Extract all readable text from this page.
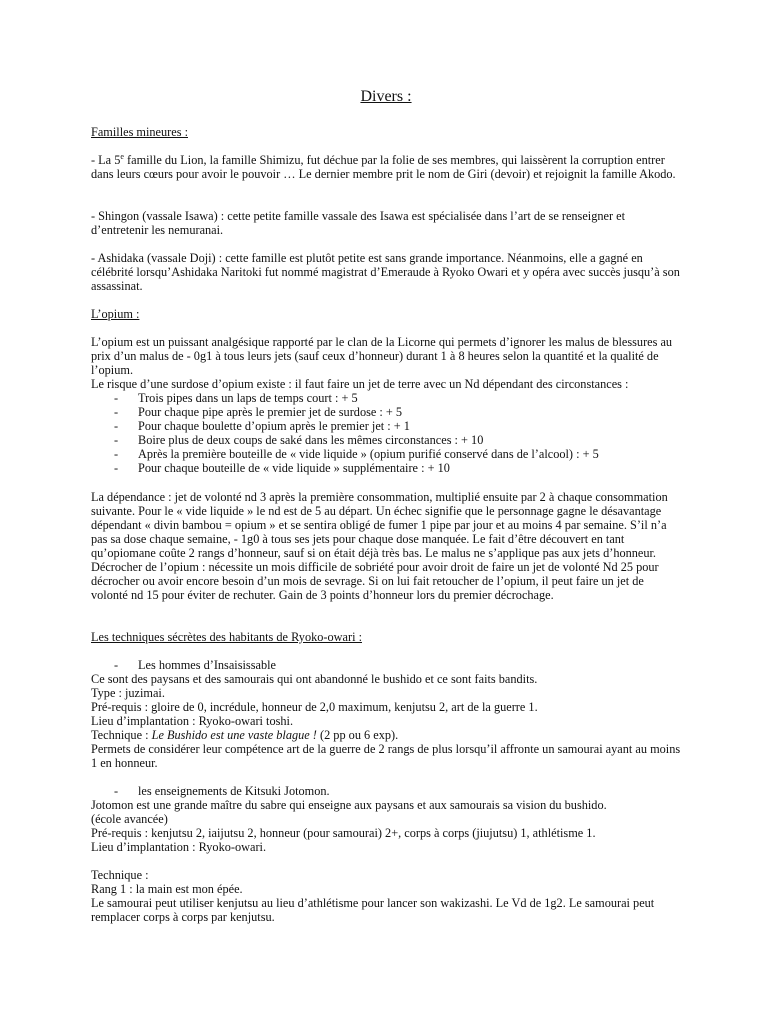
Divers :

Familles mineures :

- La 5e famille du Lion, la famille Shimizu, fut déchue par la folie de ses membres, qui laissèrent la corruption entrer dans leurs cœurs pour avoir le pouvoir … Le dernier membre prit le nom de Giri (devoir) et rejoignit la famille Akodo.

- Shingon (vassale Isawa) : cette petite famille vassale des Isawa est spécialisée dans l’art de se renseigner et d’entretenir les nemuranai.

- Ashidaka (vassale Doji) : cette famille est plutôt petite est sans grande importance. Néanmoins, elle a gagné en célébrité lorsqu’Ashidaka Naritoki fut nommé magistrat d’Emeraude à Ryoko Owari et y opéra avec succès jusqu’à son assassinat.

L’opium :

L’opium est un puissant analgésique rapporté par le clan de la Licorne qui permets d’ignorer les malus de blessures au prix d’un malus de - 0g1 à tous leurs jets (sauf ceux d’honneur) durant 1 à 8 heures selon la quantité et la qualité de l’opium.

Le risque d’une surdose d’opium existe : il faut faire un jet de terre avec un Nd dépendant des circonstances :

- Trois pipes dans un laps de temps court : + 5
- Pour chaque pipe après le premier jet de surdose : + 5
- Pour chaque boulette d’opium après le premier jet : + 1
- Boire plus de deux coups de saké dans les mêmes circonstances : + 10
- Après la première bouteille de « vide liquide » (opium purifié conservé dans de l’alcool) : + 5
- Pour chaque bouteille de « vide liquide » supplémentaire : + 10

La dépendance : jet de volonté nd 3 après la première consommation, multiplié ensuite par 2 à chaque consommation suivante. Pour le « vide liquide » le nd est de 5 au départ. Un échec signifie que le personnage gagne le désavantage dépendant « divin bambou = opium » et se sentira obligé de fumer 1 pipe par jour et au moins 4 par semaine. S’il n’a pas sa dose chaque semaine, - 1g0 à tous ses jets pour chaque dose manquée. Le fait d’être découvert en tant qu’opiomane coûte 2 rangs d’honneur, sauf si on était déjà très bas. Le malus ne s’applique pas aux jets d’honneur.

Décrocher de l’opium : nécessite un mois difficile de sobriété pour avoir droit de faire un jet de volonté Nd 25 pour décrocher ou avoir encore besoin d’un mois de sevrage. Si on lui fait retoucher de l’opium, il peut faire un jet de volonté nd 15 pour éviter de rechuter. Gain de 3 points d’honneur lors du premier décrochage.

Les techniques sécrètes des habitants de Ryoko-owari :

- Les hommes d’Insaisissable

Ce sont des paysans et des samourais qui ont abandonné le bushido et ce sont faits bandits.

Type : juzimai.

Pré-requis : gloire de 0, incrédule, honneur de 2,0 maximum, kenjutsu 2, art de la guerre 1.

Lieu d’implantation : Ryoko-owari toshi.

Technique : Le Bushido est une vaste blague ! (2 pp ou 6 exp).

Permets de considérer leur compétence art de la guerre de 2 rangs de plus lorsqu’il affronte un samourai ayant au moins 1 en honneur.

- les enseignements de Kitsuki Jotomon.

Jotomon est une grande maître du sabre qui enseigne aux paysans et aux samourais sa vision du bushido.

(école avancée)

Pré-requis : kenjutsu 2, iaijutsu 2, honneur (pour samourai) 2+, corps à corps (jiujutsu) 1, athlétisme 1.

Lieu d’implantation : Ryoko-owari.

Technique :

Rang 1 : la main est mon épée.

Le samourai peut utiliser kenjutsu au lieu d’athlétisme pour lancer son wakizashi. Le Vd de 1g2. Le samourai peut remplacer corps à corps par kenjutsu.
